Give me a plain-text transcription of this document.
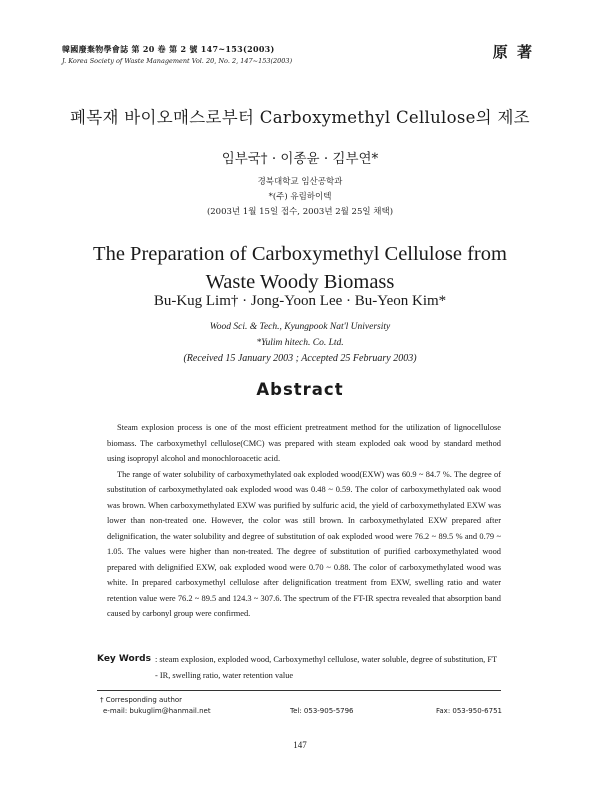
韓國廢棄物學會誌 第 20 卷 第 2 號 147~153(2003)
J. Korea Society of Waste Management Vol. 20, No. 2, 147~153(2003)	原 著
폐목재 바이오매스로부터 Carboxymethyl Cellulose의 제조
임부국† · 이종윤 · 김부연*
경북대학교 임산공학과
*(주) 유림하이텍
(2003년 1월 15일 접수, 2003년 2월 25일 채택)
The Preparation of Carboxymethyl Cellulose from
Waste Woody Biomass
Bu-Kug Lim† · Jong-Yoon Lee · Bu-Yeon Kim*
Wood Sci. & Tech., Kyungpook Nat'l University
*Yulim hitech. Co. Ltd.
(Received 15 January 2003 ; Accepted 25 February 2003)
Abstract

Steam explosion process is one of the most efficient pretreatment method for the utilization of lignocellulose biomass. The carboxymethyl cellulose(CMC) was prepared with steam exploded oak wood by standard method using isopropyl alcohol and monochloroacetic acid.

The range of water solubility of carboxymethylated oak exploded wood(EXW) was 60.9 ~ 84.7 %. The degree of substitution of carboxymethylated oak exploded wood was 0.48 ~ 0.59. The color of carboxymethylated oak wood was brown. When carboxymethylated EXW was purified by sulfuric acid, the yield of carboxymethylated EXW was lower than non-treated one. However, the color was still brown. In carboxymethylated EXW prepared after delignification, the water solubility and degree of substitution of oak exploded wood were 76.2 ~ 89.5 % and 0.79 ~ 1.05. The values were higher than non-treated. The degree of substitution of purified carboxymethylated wood prepared with delignified EXW, oak exploded wood were 0.70 ~ 0.88. The color of carboxymethylated wood was white. In prepared carboxymethyl cellulose after delignification treatment from EXW, swelling ratio and water retention value were 76.2 ~ 89.5 and 124.3 ~ 307.6. The spectrum of the FT-IR spectra revealed that absorption band caused by carbonyl group were confirmed.

Key Words : steam explosion, exploded wood, Carboxymethyl cellulose, water soluble, degree of substitution, FT - IR, swelling ratio, water retention value
† Corresponding author
e-mail: bukuglim@hanmail.net	Tel: 053-905-5796	Fax: 053-950-6751
147
